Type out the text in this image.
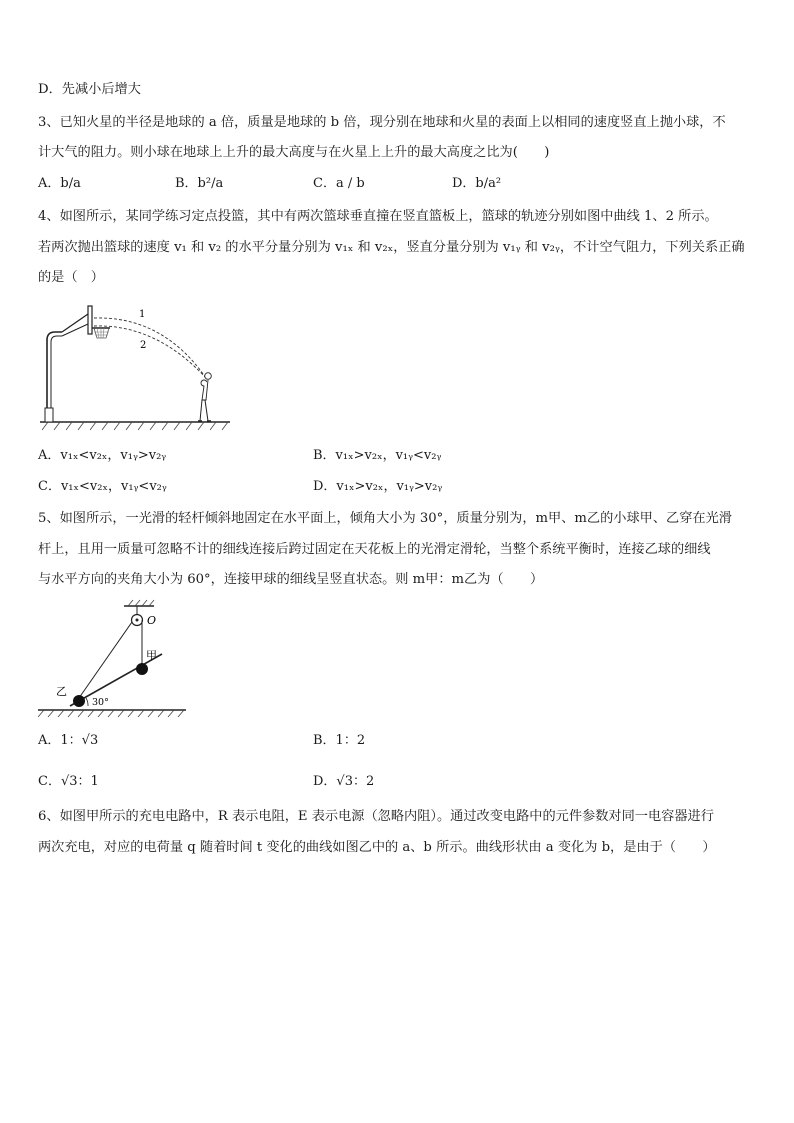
D．先减小后增大
3、已知火星的半径是地球的 a 倍，质量是地球的 b 倍，现分别在地球和火星的表面上以相同的速度竖直上抛小球，不
计大气的阻力。则小球在地球上上升的最大高度与在火星上上升的最大高度之比为(　　)
A．b/a	B．b²/a	C．a / b	D．b/a²
4、如图所示，某同学练习定点投篮，其中有两次篮球垂直撞在竖直篮板上，篮球的轨迹分别如图中曲线 1、2 所示。
若两次抛出篮球的速度 v₁ 和 v₂ 的水平分量分别为 v₁ₓ 和 v₂ₓ，竖直分量分别为 v₁ᵧ 和 v₂ᵧ，不计空气阻力，下列关系正确
的是（　）
1
2
A．v₁ₓ<v₂ₓ，v₁ᵧ>v₂ᵧ	B．v₁ₓ>v₂ₓ，v₁ᵧ<v₂ᵧ
C．v₁ₓ<v₂ₓ，v₁ᵧ<v₂ᵧ	D．v₁ₓ>v₂ₓ，v₁ᵧ>v₂ᵧ
5、如图所示，一光滑的轻杆倾斜地固定在水平面上，倾角大小为 30°，质量分别为，m甲、m乙的小球甲、乙穿在光滑
杆上，且用一质量可忽略不计的细线连接后跨过固定在天花板上的光滑定滑轮，当整个系统平衡时，连接乙球的细线
与水平方向的夹角大小为 60°，连接甲球的细线呈竖直状态。则 m甲：m乙为（　　）
O
甲
乙
30°
A．1：√3	B．1：2
C．√3：1	D．√3：2
6、如图甲所示的充电电路中，R 表示电阻，E 表示电源（忽略内阻）。通过改变电路中的元件参数对同一电容器进行
两次充电，对应的电荷量 q 随着时间 t 变化的曲线如图乙中的 a、b 所示。曲线形状由 a 变化为 b，是由于（　　）
